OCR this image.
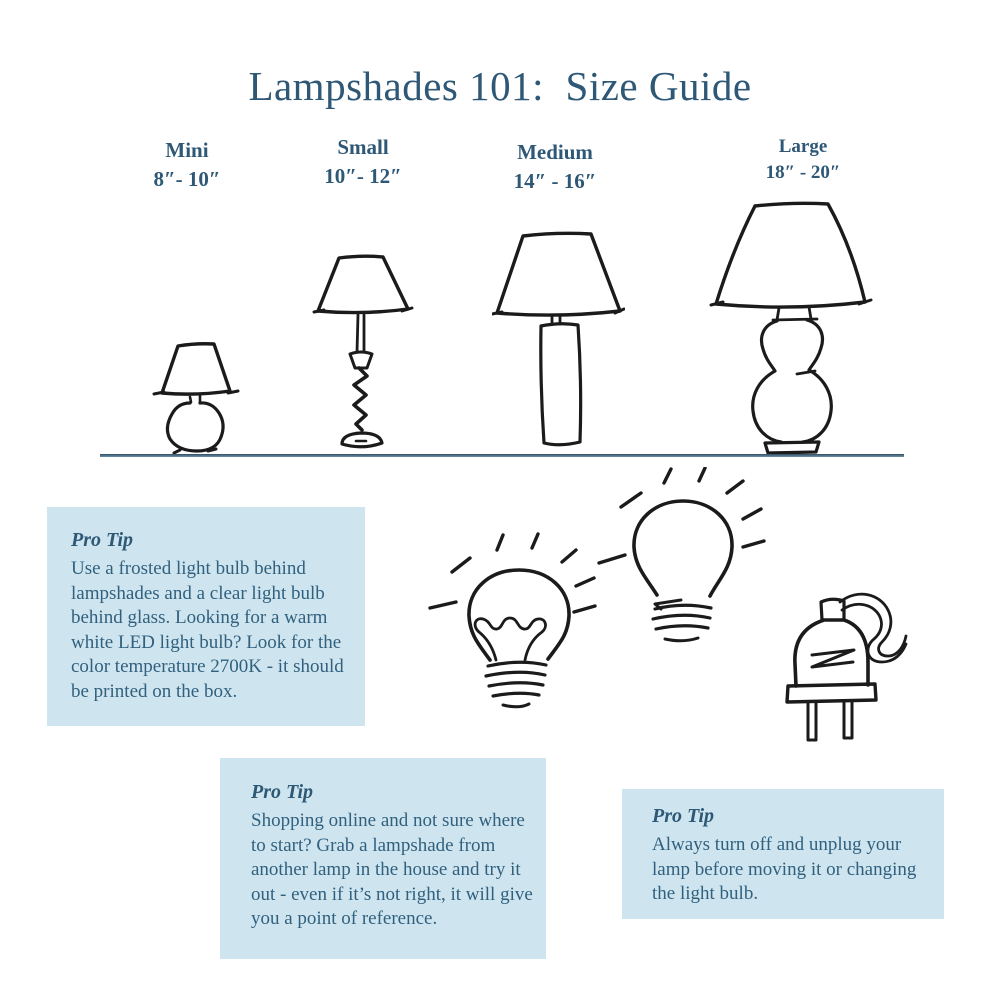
Lampshades 101:  Size Guide
Mini
8″- 10″
Small
10″- 12″
Medium
14″ - 16″
Large
18″ - 20″
Pro Tip
Use a frosted light bulb behind lampshades and a clear light bulb behind glass. Looking for a warm white LED light bulb? Look for the color temperature 2700K - it should be printed on the box.
Pro Tip
Shopping online and not sure where to start? Grab a lampshade from another lamp in the house and try it out - even if it’s not right, it will give you a point of reference.
Pro Tip
Always turn off and unplug your lamp before moving it or changing the light bulb.
